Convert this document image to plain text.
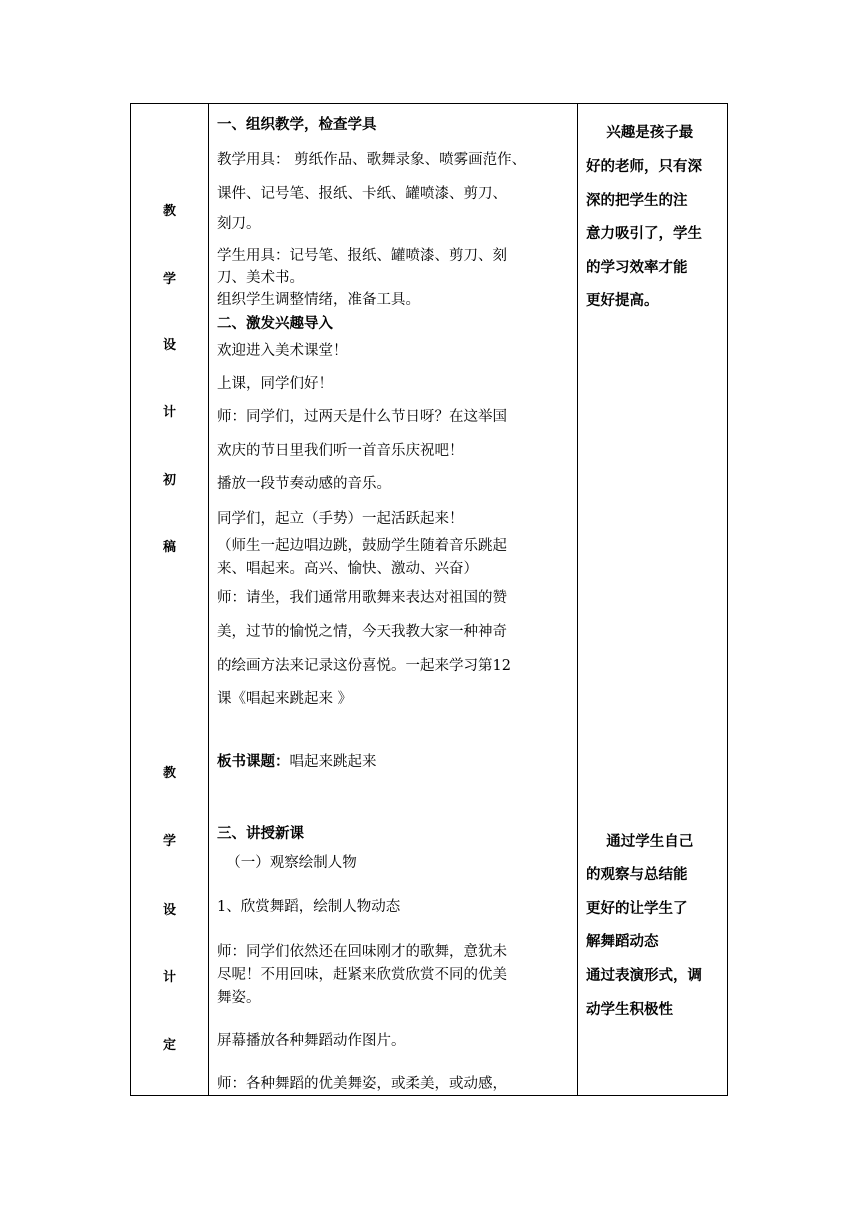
教
学
设
计
初
稿
教
学
设
计
定
一、组织教学，检查学具
教学用具： 剪纸作品、歌舞录象、喷雾画范作、
课件、记号笔、报纸、卡纸、罐喷漆、剪刀、
刻刀。
学生用具：记号笔、报纸、罐喷漆、剪刀、刻
刀、美术书。
组织学生调整情绪，准备工具。
二、激发兴趣导入
欢迎进入美术课堂！
上课，同学们好！
师：同学们，过两天是什么节日呀？在这举国
欢庆的节日里我们听一首音乐庆祝吧！
播放一段节奏动感的音乐。
同学们，起立（手势）一起活跃起来！
（师生一起边唱边跳，鼓励学生随着音乐跳起
来、唱起来。高兴、愉快、激动、兴奋）
师：请坐，我们通常用歌舞来表达对祖国的赞
美，过节的愉悦之情，今天我教大家一种神奇
的绘画方法来记录这份喜悦。一起来学习第12
课《唱起来跳起来 》
板书课题：唱起来跳起来
三、讲授新课
（一）观察绘制人物
1、欣赏舞蹈，绘制人物动态
师：同学们依然还在回味刚才的歌舞，意犹未
尽呢！不用回味，赶紧来欣赏欣赏不同的优美
舞姿。
屏幕播放各种舞蹈动作图片。
师：各种舞蹈的优美舞姿，或柔美，或动感，
兴趣是孩子最
好的老师，只有深
深的把学生的注
意力吸引了，学生
的学习效率才能
更好提高。
通过学生自己
的观察与总结能
更好的让学生了
解舞蹈动态
通过表演形式，调
动学生积极性
